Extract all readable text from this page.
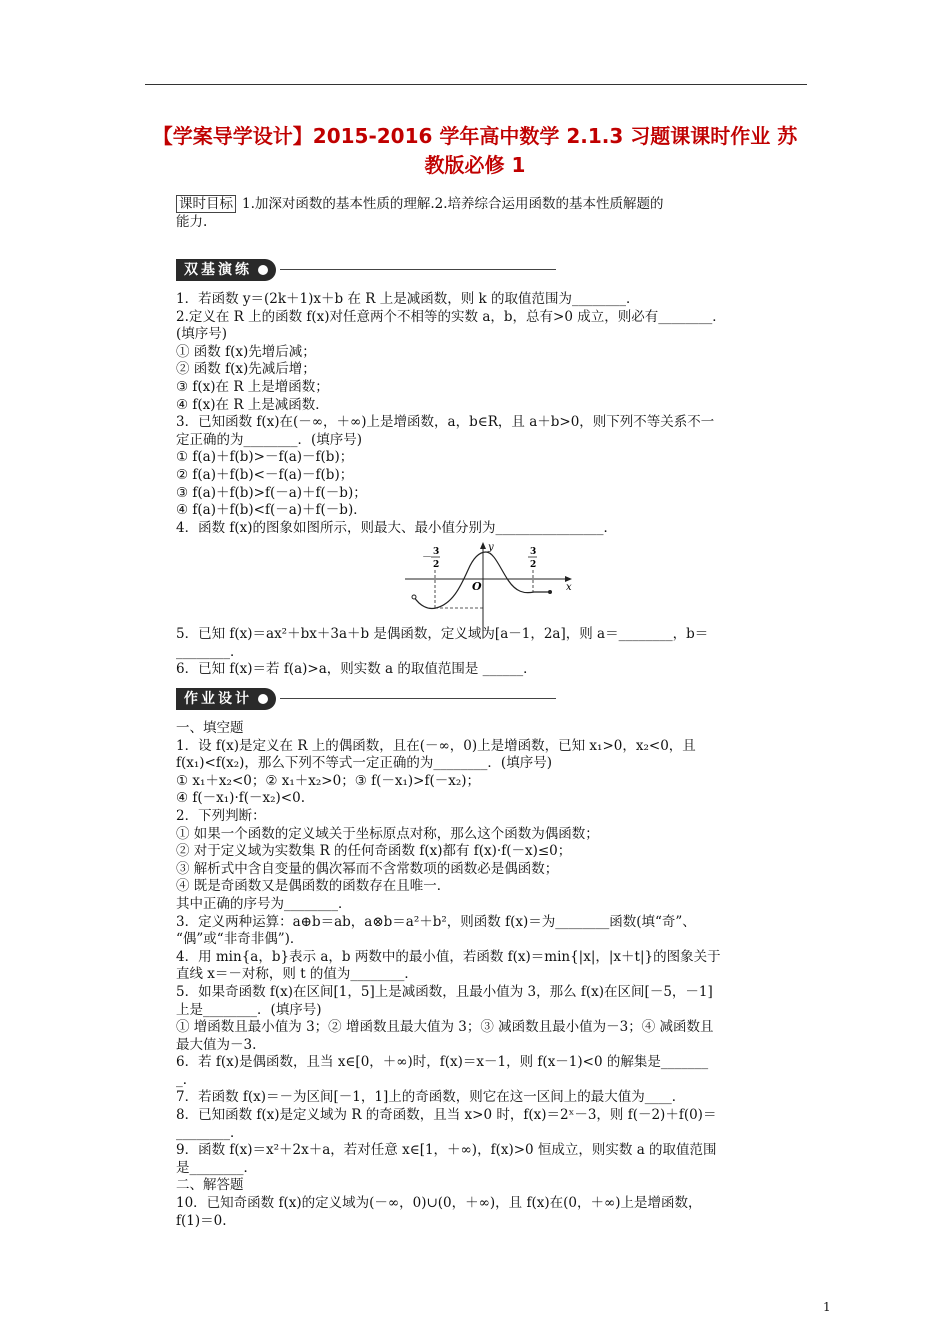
【学案导学设计】2015-2016 学年高中数学 2.1.3 习题课课时作业 苏
教版必修 1
课时目标 1.加深对函数的基本性质的理解.2.培养综合运用函数的基本性质解题的
能力.
双基演练

1．若函数 y＝(2k＋1)x＋b 在 R 上是减函数，则 k 的取值范围为________．

2.定义在 R 上的函数 f(x)对任意两个不相等的实数 a，b，总有>0 成立，则必有________．

(填序号)

① 函数 f(x)先增后减；

② 函数 f(x)先减后增；

③ f(x)在 R 上是增函数；

④ f(x)在 R 上是减函数．

3．已知函数 f(x)在(－∞，＋∞)上是增函数，a，b∈R，且 a＋b>0，则下列不等关系不一

定正确的为________．(填序号)

① f(a)＋f(b)>－f(a)－f(b)；

② f(a)＋f(b)<－f(a)－f(b)；

③ f(a)＋f(b)>f(－a)＋f(－b)；

④ f(a)＋f(b)<f(－a)＋f(－b)．

4．函数 f(x)的图象如图所示，则最大、最小值分别为________________．

y
x
O
－ 3
2
3
2

5．已知 f(x)＝ax²＋bx＋3a＋b 是偶函数，定义域为[a－1，2a]，则 a＝________，b＝

________．

6．已知 f(x)＝若 f(a)>a，则实数 a 的取值范围是 ______．

作业设计

一、填空题

1．设 f(x)是定义在 R 上的偶函数，且在(－∞，0)上是增函数，已知 x₁>0，x₂<0，且

f(x₁)<f(x₂)，那么下列不等式一定正确的为________．(填序号)

① x₁＋x₂<0；② x₁＋x₂>0；③ f(－x₁)>f(－x₂)；

④ f(－x₁)·f(－x₂)<0.

2．下列判断：

① 如果一个函数的定义域关于坐标原点对称，那么这个函数为偶函数；

② 对于定义域为实数集 R 的任何奇函数 f(x)都有 f(x)·f(－x)≤0；

③ 解析式中含自变量的偶次幂而不含常数项的函数必是偶函数；

④ 既是奇函数又是偶函数的函数存在且唯一．

其中正确的序号为________．

3．定义两种运算：a⊕b＝ab，a⊗b＝a²＋b²，则函数 f(x)＝为________函数(填“奇”、

“偶”或“非奇非偶”)．

4．用 min{a，b}表示 a，b 两数中的最小值，若函数 f(x)＝min{|x|，|x＋t|}的图象关于

直线 x＝－对称，则 t 的值为________．

5．如果奇函数 f(x)在区间[1，5]上是减函数，且最小值为 3，那么 f(x)在区间[－5，－1]

上是________．(填序号)

① 增函数且最小值为 3；② 增函数且最大值为 3；③ 减函数且最小值为－3；④ 减函数且

最大值为－3.

6．若 f(x)是偶函数，且当 x∈[0，＋∞)时，f(x)＝x－1，则 f(x－1)<0 的解集是_______

_．

7．若函数 f(x)＝－为区间[－1，1]上的奇函数，则它在这一区间上的最大值为____．

8．已知函数 f(x)是定义域为 R 的奇函数，且当 x>0 时，f(x)＝2ˣ－3，则 f(－2)＋f(0)＝

________．

9．函数 f(x)＝x²＋2x＋a，若对任意 x∈[1，＋∞)，f(x)>0 恒成立，则实数 a 的取值范围

是________．

二、解答题

10．已知奇函数 f(x)的定义域为(－∞，0)∪(0，＋∞)，且 f(x)在(0，＋∞)上是增函数，

f(1)＝0.

1
